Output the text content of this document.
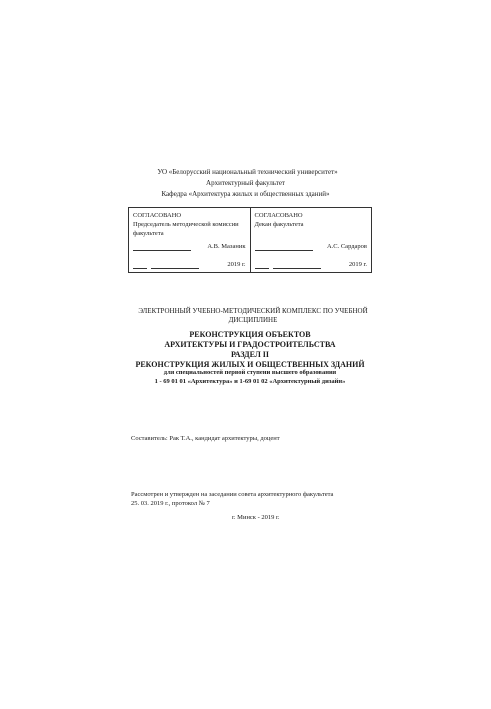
УО «Белорусский национальный технический университет»
Архитектурный факультет
Кафедра «Архитектура жилых и общественных зданий»
СОГЛАСОВАНО
Председатель методической комиссии факультета
А.В. Мазаник
2019 г.
СОГЛАСОВАНО
Декан факультета
А.С. Сардаров
2019 г.
ЭЛЕКТРОННЫЙ УЧЕБНО-МЕТОДИЧЕСКИЙ КОМПЛЕКС ПО УЧЕБНОЙ ДИСЦИПЛИНЕ
РЕКОНСТРУКЦИЯ ОБЪЕКТОВ
АРХИТЕКТУРЫ И ГРАДОСТРОИТЕЛЬСТВА
РАЗДЕЛ II
РЕКОНСТРУКЦИЯ ЖИЛЫХ И ОБЩЕСТВЕННЫХ ЗДАНИЙ
для специальностей первой ступени высшего образования
1 - 69 01 01 «Архитектура» и 1-69 01 02 «Архитектурный дизайн»
Составитель: Рак Т.А., кандидат архитектуры, доцент
Рассмотрен и утвержден на заседании совета архитектурного факультета
25. 03. 2019 г., протокол № 7
г. Минск - 2019 г.
